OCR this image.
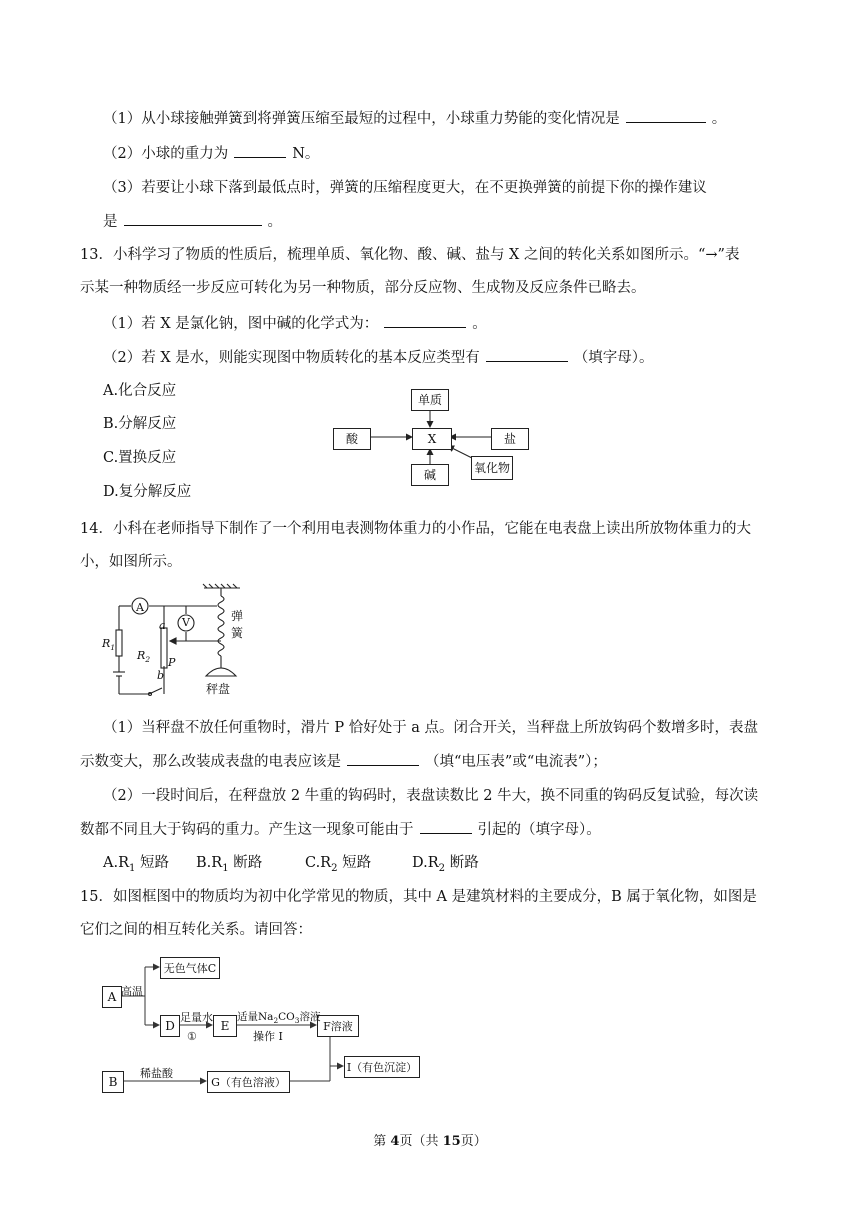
（1）从小球接触弹簧到将弹簧压缩至最短的过程中，小球重力势能的变化情况是	。
（2）小球的重力为	N。
（3）若要让小球下落到最低点时，弹簧的压缩程度更大，在不更换弹簧的前提下你的操作建议
是	。
13．小科学习了物质的性质后，梳理单质、氧化物、酸、碱、盐与 X 之间的转化关系如图所示。“→”表
示某一种物质经一步反应可转化为另一种物质，部分反应物、生成物及反应条件已略去。
（1）若 X 是氯化钠，图中碱的化学式为：	。
（2）若 X 是水，则能实现图中物质转化的基本反应类型有	（填字母）。
A.化合反应
B.分解反应
C.置换反应
D.复分解反应
单质
酸	X	盐
碱	氧化物
14．小科在老师指导下制作了一个利用电表测物体重力的小作品，它能在电表盘上读出所放物体重力的大
小，如图所示。
A
V
$R_1$
$R_2$
a
b
P
弹
簧
秤盘
（1）当秤盘不放任何重物时，滑片 P 恰好处于 a 点。闭合开关，当秤盘上所放钩码个数增多时，表盘
示数变大，那么改装成表盘的电表应该是	（填“电压表”或“电流表”）；
（2）一段时间后，在秤盘放 2 牛重的钩码时，表盘读数比 2 牛大，换不同重的钩码反复试验，每次读
数都不同且大于钩码的重力。产生这一现象可能由于	引起的（填字母）。
$A.R_1$ 短路 $B.R_1$ 断路	$C.R_2$ 短路	$D.R_2$ 断路
15．如图框图中的物质均为初中化学常见的物质，其中 A 是建筑材料的主要成分，B 属于氧化物，如图是
它们之间的相互转化关系。请回答：
A
无色气体C
D	E	F溶液
B	G（有色溶液）
I（有色沉淀）
高温
足量水
①
适量$Na_2CO_3$溶液
操作 I
稀盐酸
第 4页（共 15页）
